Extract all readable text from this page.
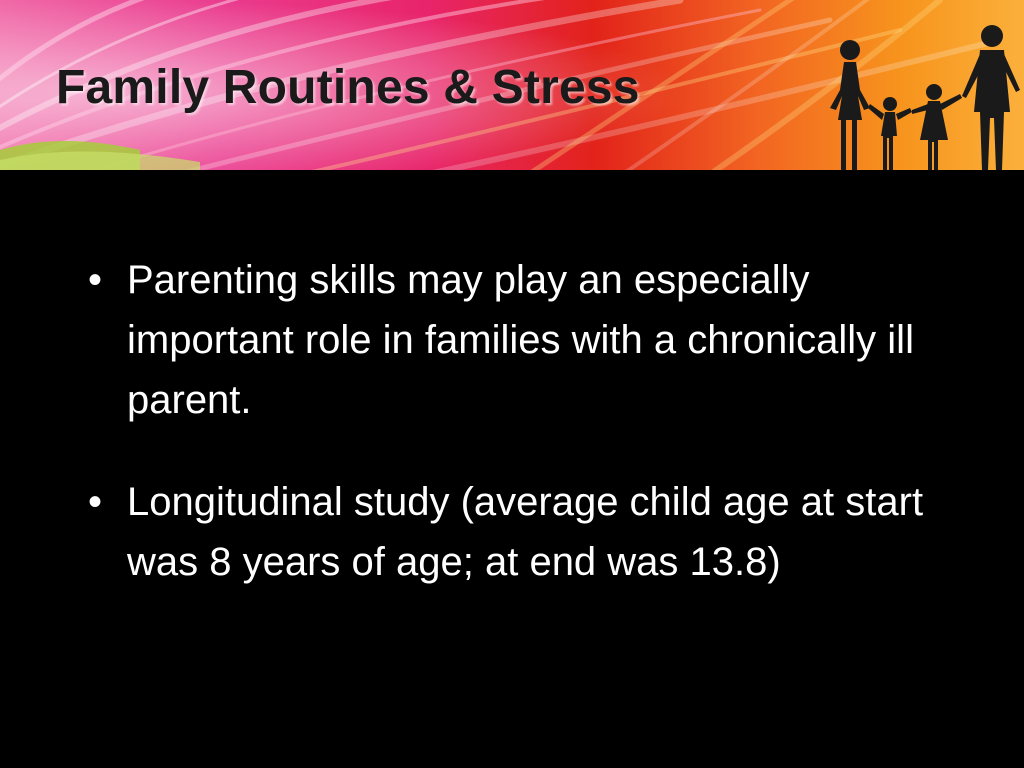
Family Routines & Stress
• Parenting skills may play an especially important role in families with a chronically ill parent.
• Longitudinal study (average child age at start was 8 years of age; at end was 13.8)
